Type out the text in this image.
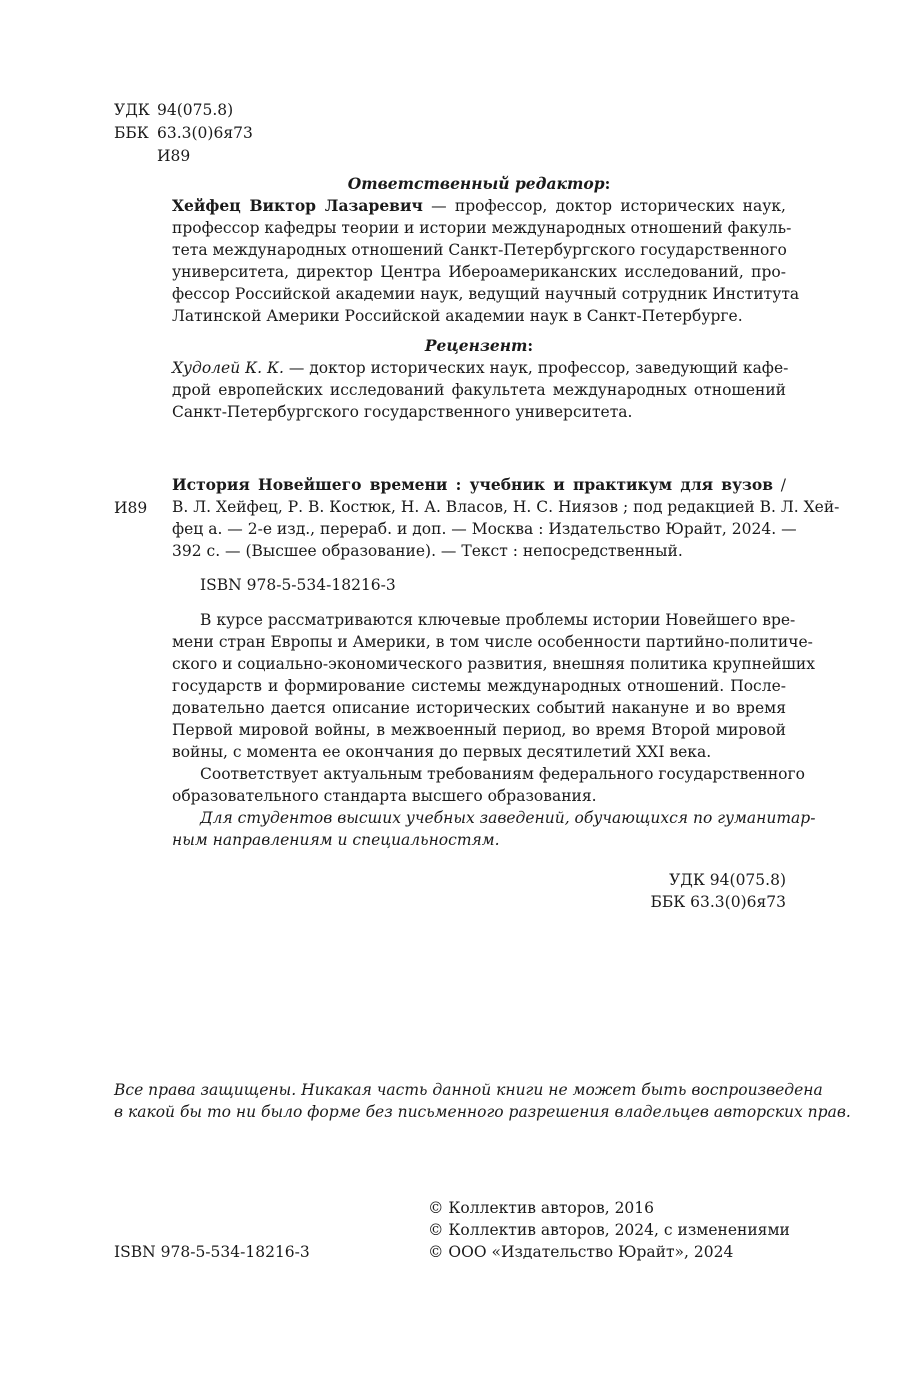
УДК 94(075.8)
ББК 63.3(0)6я73
И89
Ответственный редактор:
Хейфец Виктор Лазаревич — профессор, доктор исторических наук,
профессор кафедры теории и истории международных отношений факуль-
тета международных отношений Санкт-Петербургского государственного
университета, директор Центра Ибероамериканских исследований, про-
фессор Российской академии наук, ведущий научный сотрудник Института
Латинской Америки Российской академии наук в Санкт-Петербурге.
Рецензент:
Худолей К. К. — доктор исторических наук, профессор, заведующий кафе-
дрой европейских исследований факультета международных отношений
Санкт-Петербургского государственного университета.
И89
История Новейшего времени : учебник и практикум для вузов /
В. Л. Хейфец, Р. В. Костюк, Н. А. Власов, Н. С. Ниязов ; под редакцией В. Л. Хей-
фец а. — 2-е изд., перераб. и доп. — Москва : Издательство Юрайт, 2024. —
392 с. — (Высшее образование). — Текст : непосредственный.
ISBN 978-5-534-18216-3
В курсе рассматриваются ключевые проблемы истории Новейшего вре-
мени стран Европы и Америки, в том числе особенности партийно-политиче-
ского и социально-экономического развития, внешняя политика крупнейших
государств и формирование системы международных отношений. После-
довательно дается описание исторических событий накануне и во время
Первой мировой войны, в межвоенный период, во время Второй мировой
войны, с момента ее окончания до первых десятилетий XXI века.
Соответствует актуальным требованиям федерального государственного
образовательного стандарта высшего образования.
Для студентов высших учебных заведений, обучающихся по гуманитар-
ным направлениям и специальностям.
УДК 94(075.8)
ББК 63.3(0)6я73
Все права защищены. Никакая часть данной книги не может быть воспроизведена
в какой бы то ни было форме без письменного разрешения владельцев авторских прав.
© Коллектив авторов, 2016
© Коллектив авторов, 2024, с изменениями
ISBN 978-5-534-18216-3	© ООО «Издательство Юрайт», 2024
